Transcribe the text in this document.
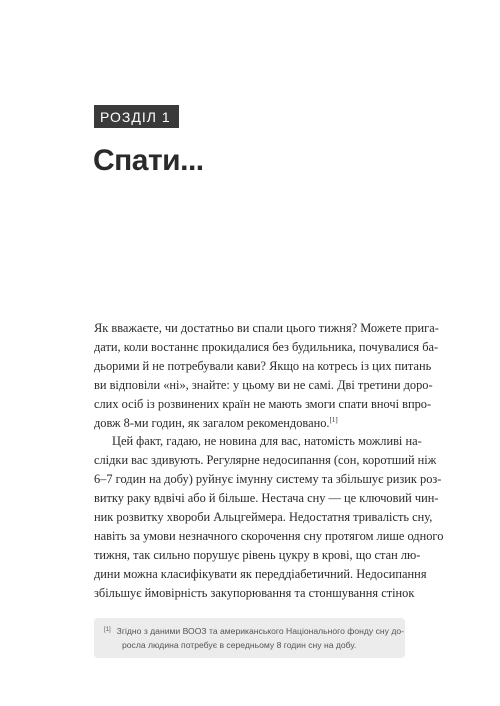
РОЗДІЛ 1
Спати...

Як вважаєте, чи достатньо ви спали цього тижня? Можете пригa-
дати, коли востаннє прокидалися без будильника, почувалися ба-
дьорими й не потребували кави? Якщо на котресь із цих питань
ви відповіли «ні», знайте: у цьому ви не самі. Дві третини доро-
слих осіб із розвинених країн не мають змоги спати вночі впро-
довж 8-ми годин, як загалом рекомендовано.[1]

Цей факт, гадаю, не новина для вас, натомість можливі на-
слідки вас здивують. Регулярне недосипання (сон, коротший ніж
6–7 годин на добу) руйнує імунну систему та збільшує ризик роз-
витку раку вдвічі або й більше. Нестача сну — це ключовий чин-
ник розвитку хвороби Альцгеймера. Недостатня тривалість сну,
навіть за умови незначного скорочення сну протягом лише одного
тижня, так сильно порушує рівень цукру в крові, що стан лю-
дини можна класифікувати як переддіабетичний. Недосипання
збільшує ймовірність закупорювання та стоншування стінок

[1] Згідно з даними ВООЗ та американського Національного фонду сну до-
росла людина потребує в середньому 8 годин сну на добу.
